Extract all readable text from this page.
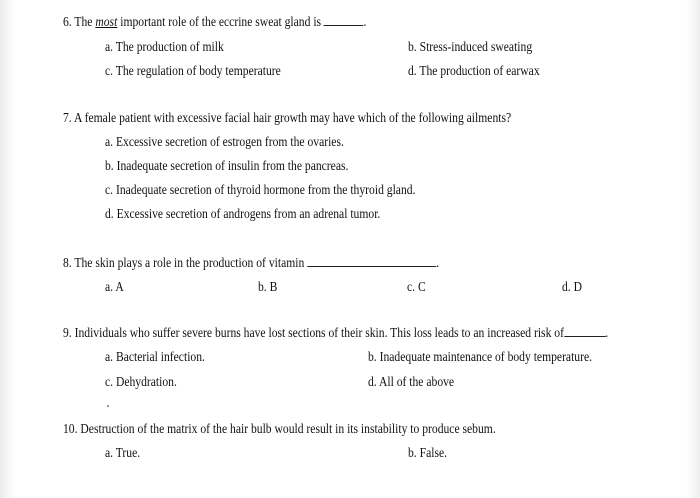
6. The most important role of the eccrine sweat gland is	.
a. The production of milk	b. Stress-induced sweating
c. The regulation of body temperature	d. The production of earwax
7. A female patient with excessive facial hair growth may have which of the following ailments?
a. Excessive secretion of estrogen from the ovaries.
b. Inadequate secretion of insulin from the pancreas.
c. Inadequate secretion of thyroid hormone from the thyroid gland.
d. Excessive secretion of androgens from an adrenal tumor.
8. The skin plays a role in the production of vitamin	.
a. A	b. B	c. C	d. D
9. Individuals who suffer severe burns have lost sections of their skin. This loss leads to an increased risk of	.
a. Bacterial infection.	b. Inadequate maintenance of body temperature.
c. Dehydration.	d. All of the above
10. Destruction of the matrix of the hair bulb would result in its instability to produce sebum.
a. True.	b. False.
